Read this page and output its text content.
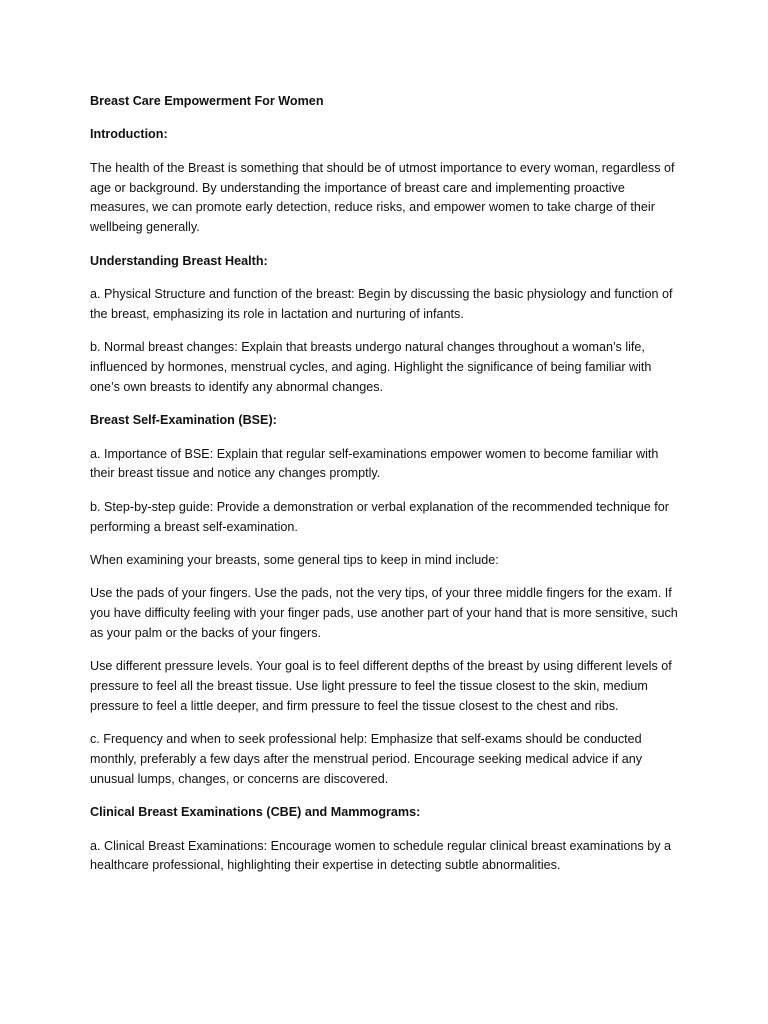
Breast Care Empowerment For Women

Introduction:

The health of the Breast is something that should be of utmost importance to every woman, regardless of age or background. By understanding the importance of breast care and implementing proactive measures, we can promote early detection, reduce risks, and empower women to take charge of their wellbeing generally.

Understanding Breast Health:

a. Physical Structure and function of the breast: Begin by discussing the basic physiology and function of the breast, emphasizing its role in lactation and nurturing of infants.

b. Normal breast changes: Explain that breasts undergo natural changes throughout a woman’s life, influenced by hormones, menstrual cycles, and aging. Highlight the significance of being familiar with one’s own breasts to identify any abnormal changes.

Breast Self-Examination (BSE):

a. Importance of BSE: Explain that regular self-examinations empower women to become familiar with their breast tissue and notice any changes promptly.

b. Step-by-step guide: Provide a demonstration or verbal explanation of the recommended technique for performing a breast self-examination.

When examining your breasts, some general tips to keep in mind include:

Use the pads of your fingers. Use the pads, not the very tips, of your three middle fingers for the exam. If you have difficulty feeling with your finger pads, use another part of your hand that is more sensitive, such as your palm or the backs of your fingers.

Use different pressure levels. Your goal is to feel different depths of the breast by using different levels of pressure to feel all the breast tissue. Use light pressure to feel the tissue closest to the skin, medium pressure to feel a little deeper, and firm pressure to feel the tissue closest to the chest and ribs.

c. Frequency and when to seek professional help: Emphasize that self-exams should be conducted monthly, preferably a few days after the menstrual period. Encourage seeking medical advice if any unusual lumps, changes, or concerns are discovered.

Clinical Breast Examinations (CBE) and Mammograms:

a. Clinical Breast Examinations: Encourage women to schedule regular clinical breast examinations by a healthcare professional, highlighting their expertise in detecting subtle abnormalities.
